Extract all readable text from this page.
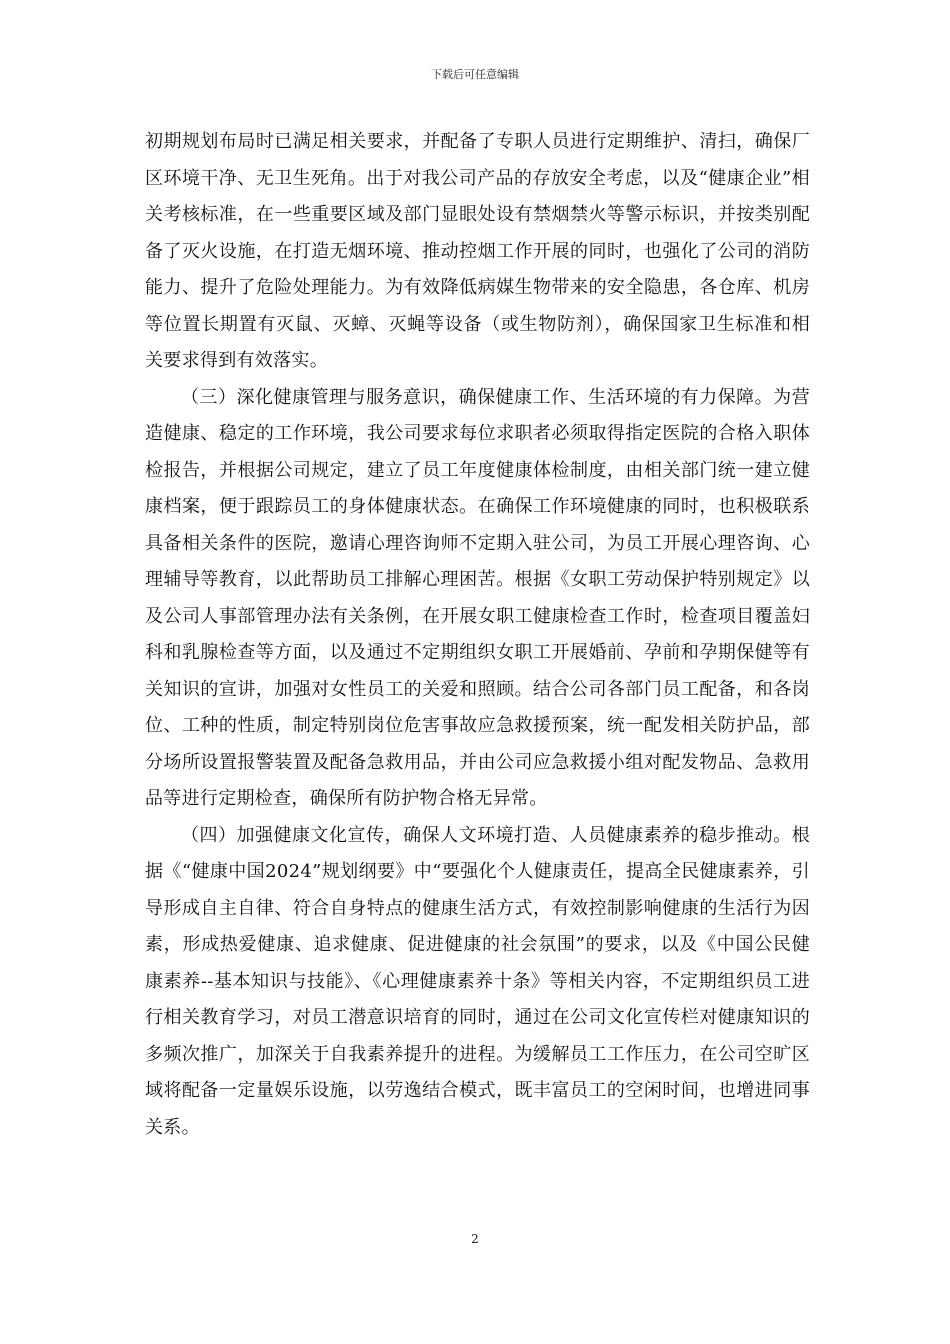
下载后可任意编辑

初期规划布局时已满足相关要求，并配备了专职人员进行定期维护、清扫，确保厂区环境干净、无卫生死角。出于对我公司产品的存放安全考虑，以及“健康企业”相关考核标准，在一些重要区域及部门显眼处设有禁烟禁火等警示标识，并按类别配备了灭火设施，在打造无烟环境、推动控烟工作开展的同时，也强化了公司的消防能力、提升了危险处理能力。为有效降低病媒生物带来的安全隐患，各仓库、机房等位置长期置有灭鼠、灭蟑、灭蝇等设备（或生物防剂），确保国家卫生标准和相关要求得到有效落实。

（三）深化健康管理与服务意识，确保健康工作、生活环境的有力保障。为营造健康、稳定的工作环境，我公司要求每位求职者必须取得指定医院的合格入职体检报告，并根据公司规定，建立了员工年度健康体检制度，由相关部门统一建立健康档案，便于跟踪员工的身体健康状态。在确保工作环境健康的同时，也积极联系具备相关条件的医院，邀请心理咨询师不定期入驻公司，为员工开展心理咨询、心理辅导等教育，以此帮助员工排解心理困苦。根据《女职工劳动保护特别规定》以及公司人事部管理办法有关条例，在开展女职工健康检查工作时，检查项目覆盖妇科和乳腺检查等方面，以及通过不定期组织女职工开展婚前、孕前和孕期保健等有关知识的宣讲，加强对女性员工的关爱和照顾。结合公司各部门员工配备，和各岗位、工种的性质，制定特别岗位危害事故应急救援预案，统一配发相关防护品，部分场所设置报警装置及配备急救用品，并由公司应急救援小组对配发物品、急救用品等进行定期检查，确保所有防护物合格无异常。

（四）加强健康文化宣传，确保人文环境打造、人员健康素养的稳步推动。根据《“健康中国2024”规划纲要》中“要强化个人健康责任，提高全民健康素养，引导形成自主自律、符合自身特点的健康生活方式，有效控制影响健康的生活行为因素，形成热爱健康、追求健康、促进健康的社会氛围”的要求，以及《中国公民健康素养--基本知识与技能》、《心理健康素养十条》等相关内容，不定期组织员工进行相关教育学习，对员工潜意识培育的同时，通过在公司文化宣传栏对健康知识的多频次推广，加深关于自我素养提升的进程。为缓解员工工作压力，在公司空旷区域将配备一定量娱乐设施，以劳逸结合模式，既丰富员工的空闲时间，也增进同事关系。

2
